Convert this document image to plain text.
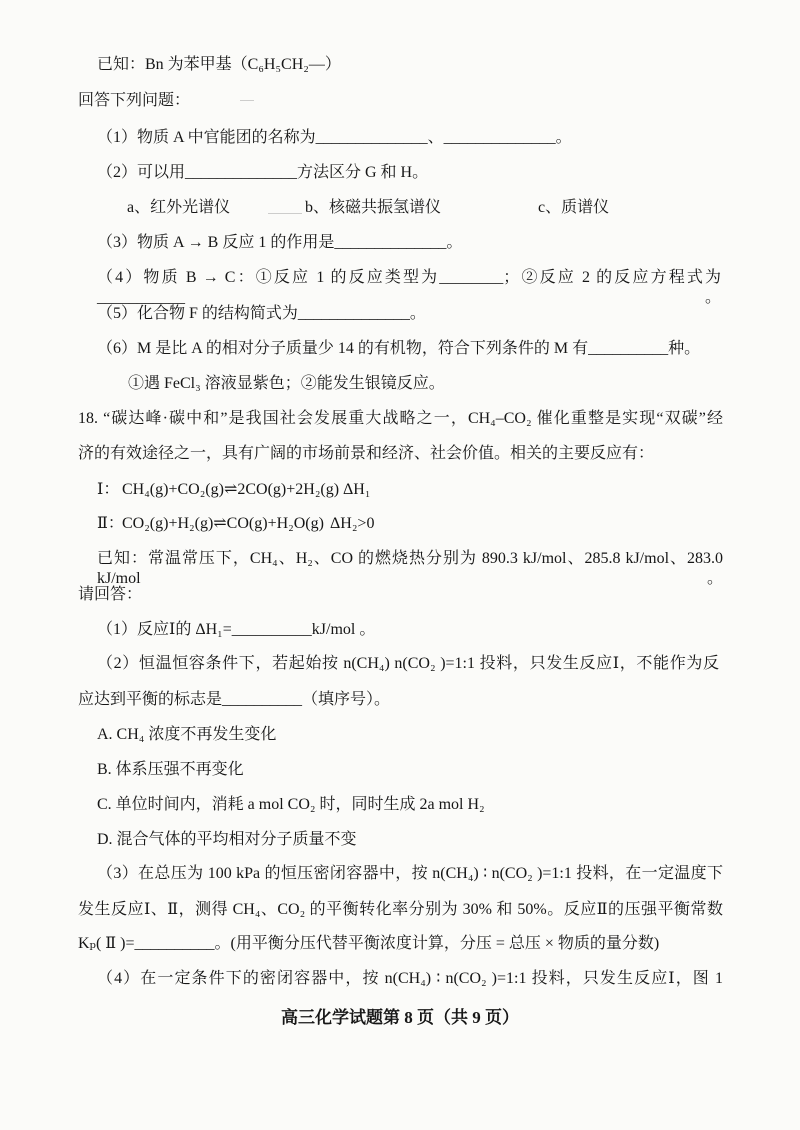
已知：Bn 为苯甲基（C₆H₅CH₂—）
回答下列问题：
（1）物质 A 中官能团的名称为______________、______________。
（2）可以用______________方法区分 G 和 H。
a、红外光谱仪	b、核磁共振氢谱仪	c、质谱仪
（3）物质 A → B 反应 1 的作用是______________。
（4）物质 B → C：①反应 1 的反应类型为________；②反应 2 的反应方程式为___________。
（5）化合物 F 的结构简式为______________。
（6）M 是比 A 的相对分子质量少 14 的有机物，符合下列条件的 M 有__________种。
①遇 FeCl₃ 溶液显紫色；②能发生银镜反应。
18. “碳达峰·碳中和”是我国社会发展重大战略之一，CH₄–CO₂ 催化重整是实现“双碳”经
济的有效途径之一，具有广阔的市场前景和经济、社会价值。相关的主要反应有：
Ⅰ： CH₄(g)+CO₂(g)⇌2CO(g)+2H₂(g) ΔH₁
Ⅱ：
CO₂(g)+H₂(g)⇌CO(g)+H₂O(g) ΔH₂>0
已知：常温常压下，CH₄、H₂、CO 的燃烧热分别为 890.3 kJ/mol、285.8 kJ/mol、283.0 kJ/mol。
请回答：
（1）反应Ⅰ的 ΔH₁=__________kJ/mol 。
（2）恒温恒容条件下，若起始按 n(CH₄) n(CO₂ )=1:1 投料，只发生反应Ⅰ，不能作为反
应达到平衡的标志是__________（填序号）。
A. CH₄ 浓度不再发生变化
B. 体系压强不再变化
C. 单位时间内，消耗 a mol CO₂ 时，同时生成 2a mol H₂
D. 混合气体的平均相对分子质量不变
（3）在总压为 100 kPa 的恒压密闭容器中，按 n(CH₄) ∶ n(CO₂ )=1:1 投料，在一定温度下
发生反应Ⅰ、Ⅱ，测得 CH₄、CO₂ 的平衡转化率分别为 30% 和 50%。反应Ⅱ的压强平衡常数
Kₚ( Ⅱ )=__________。(用平衡分压代替平衡浓度计算，分压 = 总压 × 物质的量分数)
（4）在一定条件下的密闭容器中，按 n(CH₄) ∶ n(CO₂ )=1:1 投料，只发生反应Ⅰ，图 1
高三化学试题第 8 页（共 9 页）
